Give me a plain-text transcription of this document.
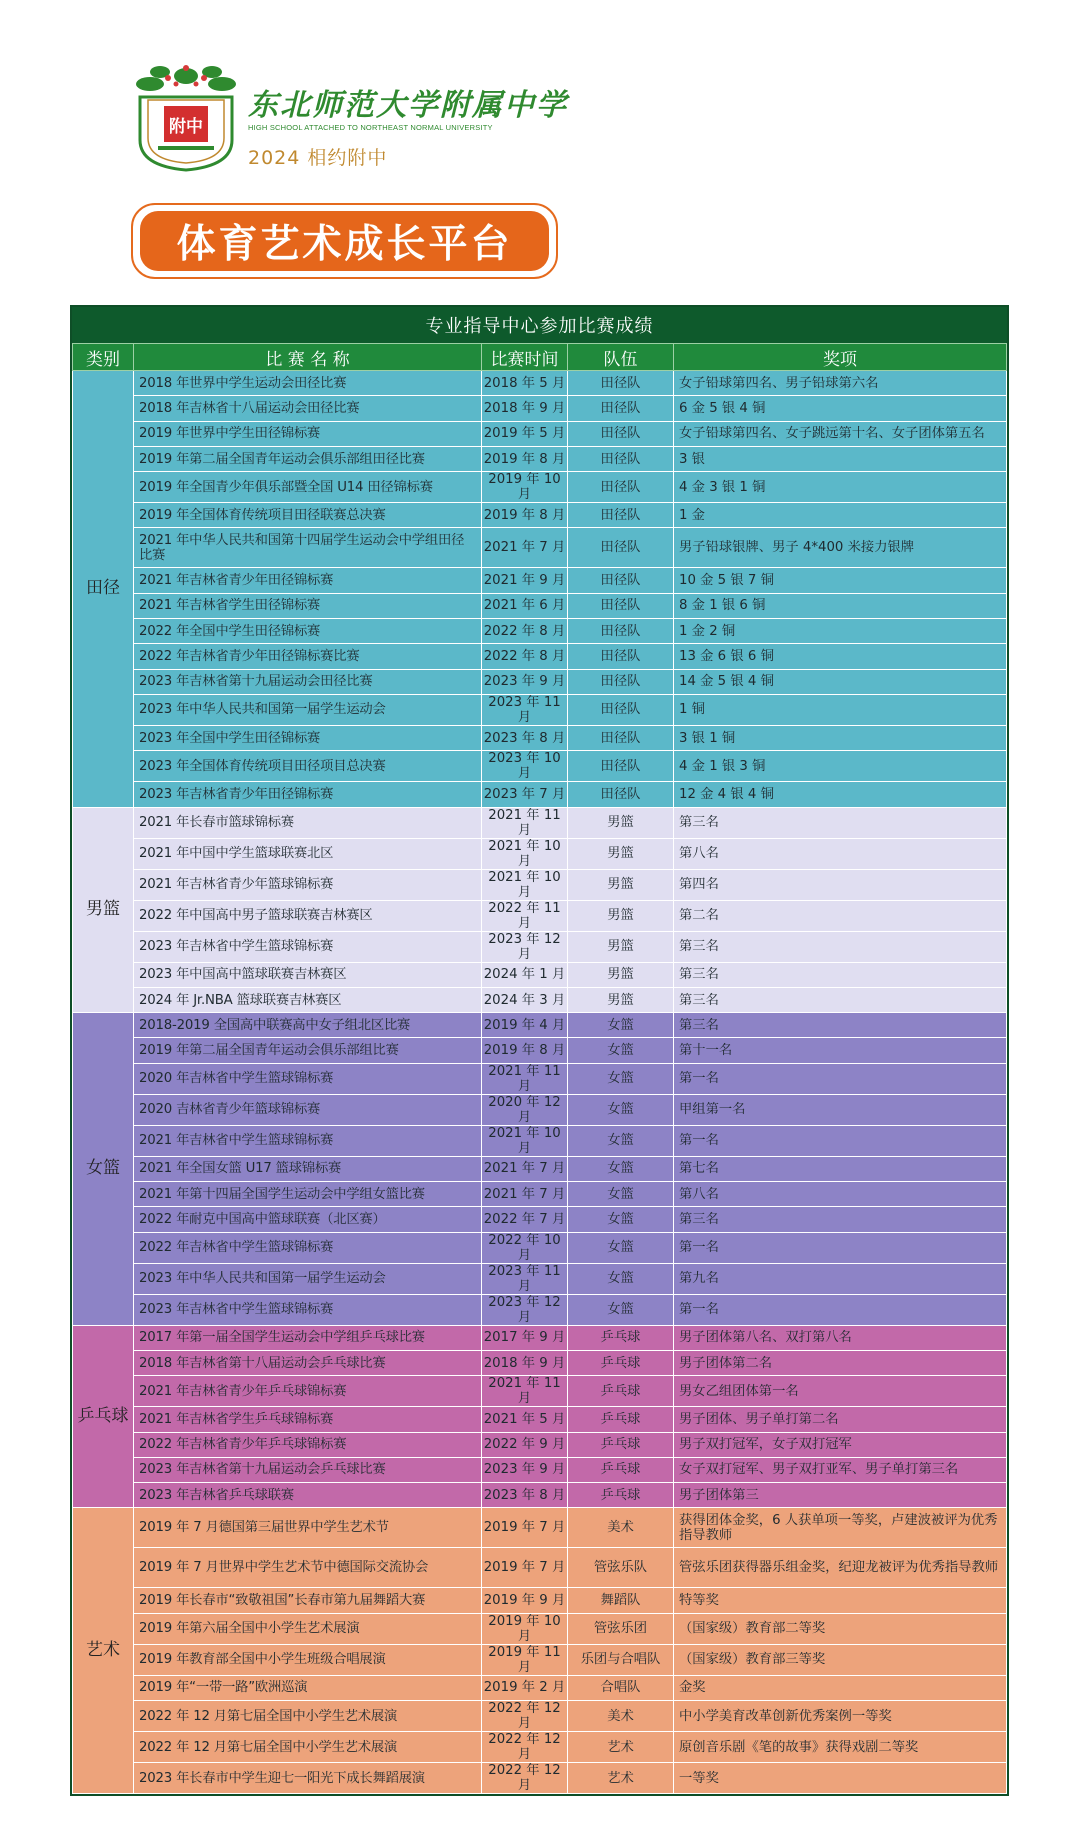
附中
东北师范大学附属中学
HIGH SCHOOL ATTACHED TO NORTHEAST NORMAL UNIVERSITY
2024 相约附中
体育艺术成长平台
专业指导中心参加比赛成绩
类别	比 赛 名 称	比赛时间	队伍	奖项
田径	2018 年世界中学生运动会田径比赛	2018 年 5 月	田径队	女子铅球第四名、男子铅球第六名
	2018 年吉林省十八届运动会田径比赛	2018 年 9 月	田径队	6 金 5 银 4 铜
	2019 年世界中学生田径锦标赛	2019 年 5 月	田径队	女子铅球第四名、女子跳远第十名、女子团体第五名
	2019 年第二届全国青年运动会俱乐部组田径比赛	2019 年 8 月	田径队	3 银
	2019 年全国青少年俱乐部暨全国 U14 田径锦标赛	2019 年 10 月	田径队	4 金 3 银 1 铜
	2019 年全国体育传统项目田径联赛总决赛	2019 年 8 月	田径队	1 金
	2021 年中华人民共和国第十四届学生运动会中学组田径比赛	2021 年 7 月	田径队	男子铅球银牌、男子 4*400 米接力银牌
	2021 年吉林省青少年田径锦标赛	2021 年 9 月	田径队	10 金 5 银 7 铜
	2021 年吉林省学生田径锦标赛	2021 年 6 月	田径队	8 金 1 银 6 铜
	2022 年全国中学生田径锦标赛	2022 年 8 月	田径队	1 金 2 铜
	2022 年吉林省青少年田径锦标赛比赛	2022 年 8 月	田径队	13 金 6 银 6 铜
	2023 年吉林省第十九届运动会田径比赛	2023 年 9 月	田径队	14 金 5 银 4 铜
	2023 年中华人民共和国第一届学生运动会	2023 年 11 月	田径队	1 铜
	2023 年全国中学生田径锦标赛	2023 年 8 月	田径队	3 银 1 铜
	2023 年全国体育传统项目田径项目总决赛	2023 年 10 月	田径队	4 金 1 银 3 铜
	2023 年吉林省青少年田径锦标赛	2023 年 7 月	田径队	12 金 4 银 4 铜
男篮	2021 年长春市篮球锦标赛	2021 年 11 月	男篮	第三名
	2021 年中国中学生篮球联赛北区	2021 年 10 月	男篮	第八名
	2021 年吉林省青少年篮球锦标赛	2021 年 10 月	男篮	第四名
	2022 年中国高中男子篮球联赛吉林赛区	2022 年 11 月	男篮	第二名
	2023 年吉林省中学生篮球锦标赛	2023 年 12 月	男篮	第三名
	2023 年中国高中篮球联赛吉林赛区	2024 年 1 月	男篮	第三名
	2024 年 Jr.NBA 篮球联赛吉林赛区	2024 年 3 月	男篮	第三名
女篮	2018-2019 全国高中联赛高中女子组北区比赛	2019 年 4 月	女篮	第三名
	2019 年第二届全国青年运动会俱乐部组比赛	2019 年 8 月	女篮	第十一名
	2020 年吉林省中学生篮球锦标赛	2021 年 11 月	女篮	第一名
	2020 吉林省青少年篮球锦标赛	2020 年 12 月	女篮	甲组第一名
	2021 年吉林省中学生篮球锦标赛	2021 年 10 月	女篮	第一名
	2021 年全国女篮 U17 篮球锦标赛	2021 年 7 月	女篮	第七名
	2021 年第十四届全国学生运动会中学组女篮比赛	2021 年 7 月	女篮	第八名
	2022 年耐克中国高中篮球联赛（北区赛）	2022 年 7 月	女篮	第三名
	2022 年吉林省中学生篮球锦标赛	2022 年 10 月	女篮	第一名
	2023 年中华人民共和国第一届学生运动会	2023 年 11 月	女篮	第九名
	2023 年吉林省中学生篮球锦标赛	2023 年 12 月	女篮	第一名
乒乓球	2017 年第一届全国学生运动会中学组乒乓球比赛	2017 年 9 月	乒乓球	男子团体第八名、双打第八名
	2018 年吉林省第十八届运动会乒乓球比赛	2018 年 9 月	乒乓球	男子团体第二名
	2021 年吉林省青少年乒乓球锦标赛	2021 年 11 月	乒乓球	男女乙组团体第一名
	2021 年吉林省学生乒乓球锦标赛	2021 年 5 月	乒乓球	男子团体、男子单打第二名
	2022 年吉林省青少年乒乓球锦标赛	2022 年 9 月	乒乓球	男子双打冠军，女子双打冠军
	2023 年吉林省第十九届运动会乒乓球比赛	2023 年 9 月	乒乓球	女子双打冠军、男子双打亚军、男子单打第三名
	2023 年吉林省乒乓球联赛	2023 年 8 月	乒乓球	男子团体第三
艺术	2019 年 7 月德国第三届世界中学生艺术节	2019 年 7 月	美术	获得团体金奖，6 人获单项一等奖，卢建波被评为优秀指导教师
	2019 年 7 月世界中学生艺术节中德国际交流协会	2019 年 7 月	管弦乐队	管弦乐团获得器乐组金奖，纪迎龙被评为优秀指导教师
	2019 年长春市“致敬祖国”长春市第九届舞蹈大赛	2019 年 9 月	舞蹈队	特等奖
	2019 年第六届全国中小学生艺术展演	2019 年 10 月	管弦乐团	（国家级）教育部二等奖
	2019 年教育部全国中小学生班级合唱展演	2019 年 11 月	乐团与合唱队	（国家级）教育部三等奖
	2019 年“一带一路”欧洲巡演	2019 年 2 月	合唱队	金奖
	2022 年 12 月第七届全国中小学生艺术展演	2022 年 12 月	美术	中小学美育改革创新优秀案例一等奖
	2022 年 12 月第七届全国中小学生艺术展演	2022 年 12 月	艺术	原创音乐剧《笔的故事》获得戏剧二等奖
	2023 年长春市中学生迎七一阳光下成长舞蹈展演	2022 年 12 月	艺术	一等奖
